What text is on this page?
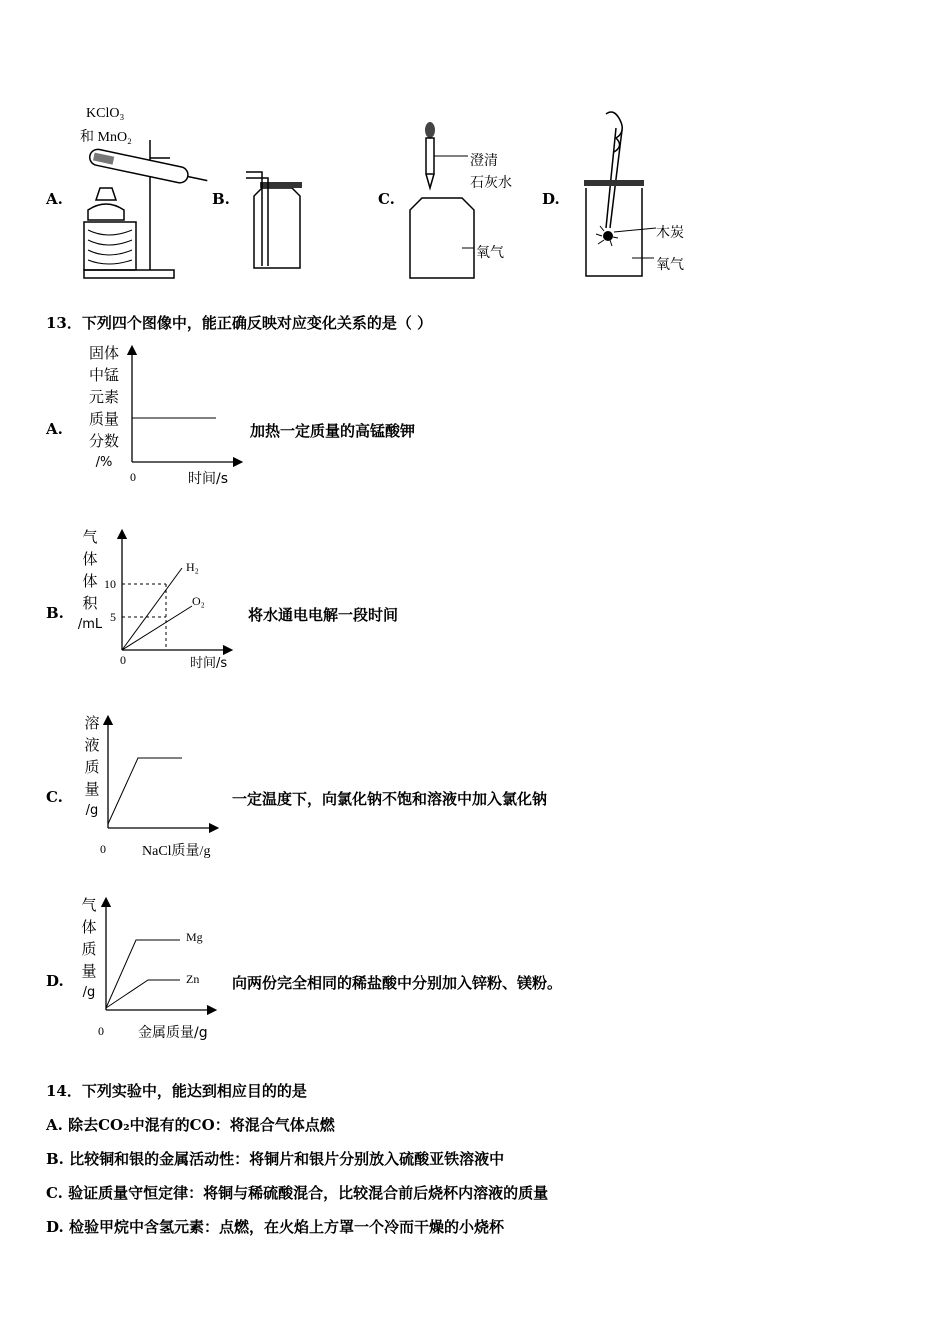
A.
KClO₃
和 MnO₂
B.	C.
澄清
石灰水
氧气
D.
木炭
氧气
13．下列四个图像中，能正确反映对应变化关系的是（ ）
A.
固体
中锰
元素
质量
分数
/%
0	时间/s
加热一定质量的高锰酸钾
B.
气
体
体
积
/mL
10
5
H₂
O₂
0	时间/s
将水通电电解一段时间
C.
溶
液
质
量
/g
0	NaCl质量/g
一定温度下，向氯化钠不饱和溶液中加入氯化钠
D.
气
体
质
量
/g
Mg
Zn
0 金属质量/g
向两份完全相同的稀盐酸中分别加入锌粉、镁粉。
14．下列实验中，能达到相应目的的是
A. 除去CO₂中混有的CO：将混合气体点燃
B. 比较铜和银的金属活动性：将铜片和银片分别放入硫酸亚铁溶液中
C. 验证质量守恒定律：将铜与稀硫酸混合，比较混合前后烧杯内溶液的质量
D. 检验甲烷中含氢元素：点燃，在火焰上方罩一个冷而干燥的小烧杯
